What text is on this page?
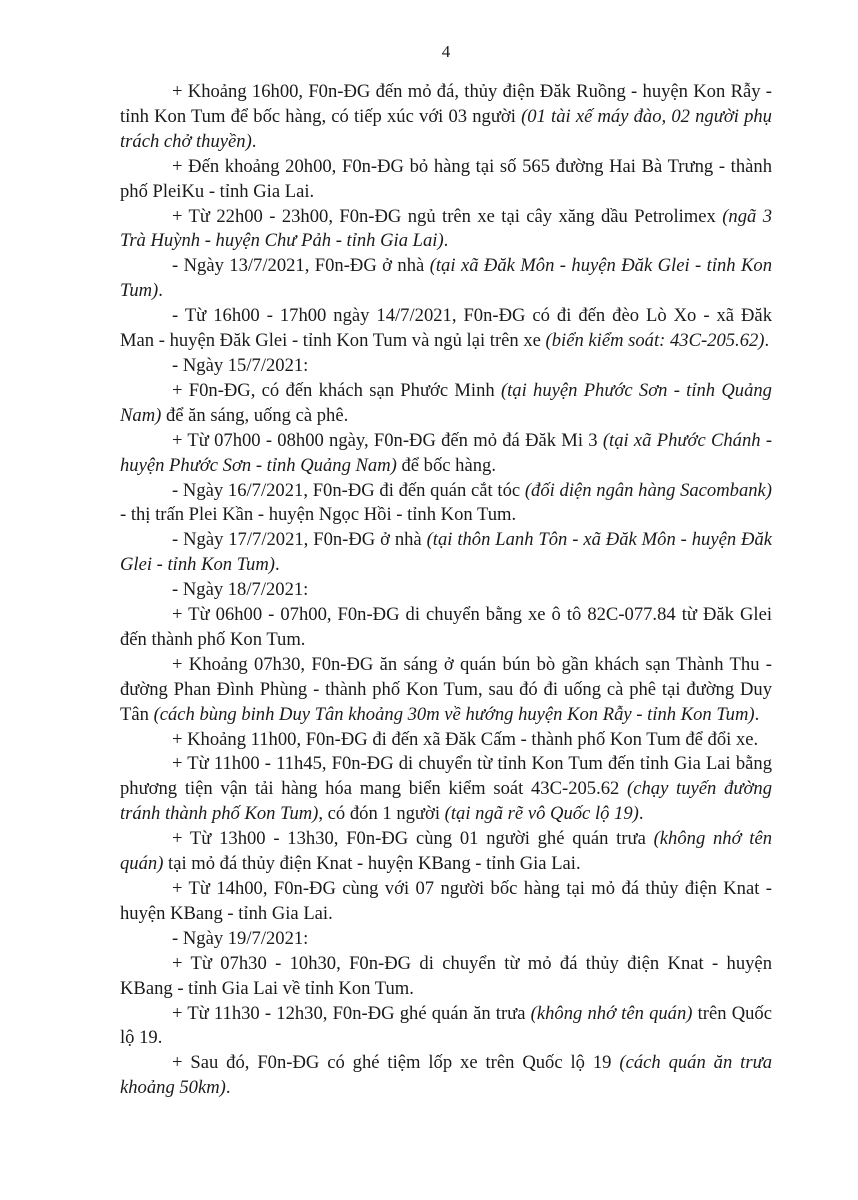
4

+ Khoảng 16h00, F0n-ĐG đến mỏ đá, thủy điện Đăk Ruồng - huyện Kon Rẫy -tỉnh Kon Tum để bốc hàng, có tiếp xúc với 03 người (01 tài xế máy đào, 02 người phụ trách chở thuyền).

+ Đến khoảng 20h00, F0n-ĐG bỏ hàng tại số 565 đường Hai Bà Trưng - thành phố PleiKu - tỉnh Gia Lai.

+ Từ 22h00 - 23h00, F0n-ĐG ngủ trên xe tại cây xăng dầu Petrolimex (ngã 3 Trà Huỳnh - huyện Chư Pảh - tỉnh Gia Lai).

- Ngày 13/7/2021, F0n-ĐG ở nhà (tại xã Đăk Môn - huyện Đăk Glei - tỉnh Kon Tum).

- Từ 16h00 - 17h00 ngày 14/7/2021, F0n-ĐG có đi đến đèo Lò Xo - xã Đăk Man - huyện Đăk Glei - tỉnh Kon Tum và ngủ lại trên xe (biển kiểm soát: 43C-205.62).

- Ngày 15/7/2021:

+ F0n-ĐG, có đến khách sạn Phước Minh (tại huyện Phước Sơn - tỉnh Quảng Nam) để ăn sáng, uống cà phê.

+ Từ 07h00 - 08h00 ngày, F0n-ĐG đến mỏ đá Đăk Mi 3 (tại xã Phước Chánh - huyện Phước Sơn - tỉnh Quảng Nam) để bốc hàng.

- Ngày 16/7/2021, F0n-ĐG đi đến quán cắt tóc (đối diện ngân hàng Sacombank) - thị trấn Plei Kần - huyện Ngọc Hồi - tỉnh Kon Tum.

- Ngày 17/7/2021, F0n-ĐG ở nhà (tại thôn Lanh Tôn - xã Đăk Môn - huyện Đăk Glei - tỉnh Kon Tum).

- Ngày 18/7/2021:

+ Từ 06h00 - 07h00, F0n-ĐG di chuyển bằng xe ô tô 82C-077.84 từ Đăk Glei đến thành phố Kon Tum.

+ Khoảng 07h30, F0n-ĐG ăn sáng ở quán bún bò gần khách sạn Thành Thu - đường Phan Đình Phùng - thành phố Kon Tum, sau đó đi uống cà phê tại đường Duy Tân (cách bùng binh Duy Tân khoảng 30m về hướng huyện Kon Rẫy - tỉnh Kon Tum).

+ Khoảng 11h00, F0n-ĐG đi đến xã Đăk Cấm - thành phố Kon Tum để đổi xe.

+ Từ 11h00 - 11h45, F0n-ĐG di chuyển từ tỉnh Kon Tum đến tỉnh Gia Lai bằng phương tiện vận tải hàng hóa mang biển kiểm soát 43C-205.62 (chạy tuyến đường tránh thành phố Kon Tum), có đón 1 người (tại ngã rẽ vô Quốc lộ 19).

+ Từ 13h00 - 13h30, F0n-ĐG cùng 01 người ghé quán trưa (không nhớ tên quán) tại mỏ đá thủy điện Knat - huyện KBang - tỉnh Gia Lai.

+ Từ 14h00, F0n-ĐG cùng với 07 người bốc hàng tại mỏ đá thủy điện Knat - huyện KBang - tỉnh Gia Lai.

- Ngày 19/7/2021:

+ Từ 07h30 - 10h30, F0n-ĐG di chuyển từ mỏ đá thủy điện Knat - huyện KBang - tỉnh Gia Lai về tỉnh Kon Tum.

+ Từ 11h30 - 12h30, F0n-ĐG ghé quán ăn trưa (không nhớ tên quán) trên Quốc lộ 19.

+ Sau đó, F0n-ĐG có ghé tiệm lốp xe trên Quốc lộ 19 (cách quán ăn trưa khoảng 50km).
